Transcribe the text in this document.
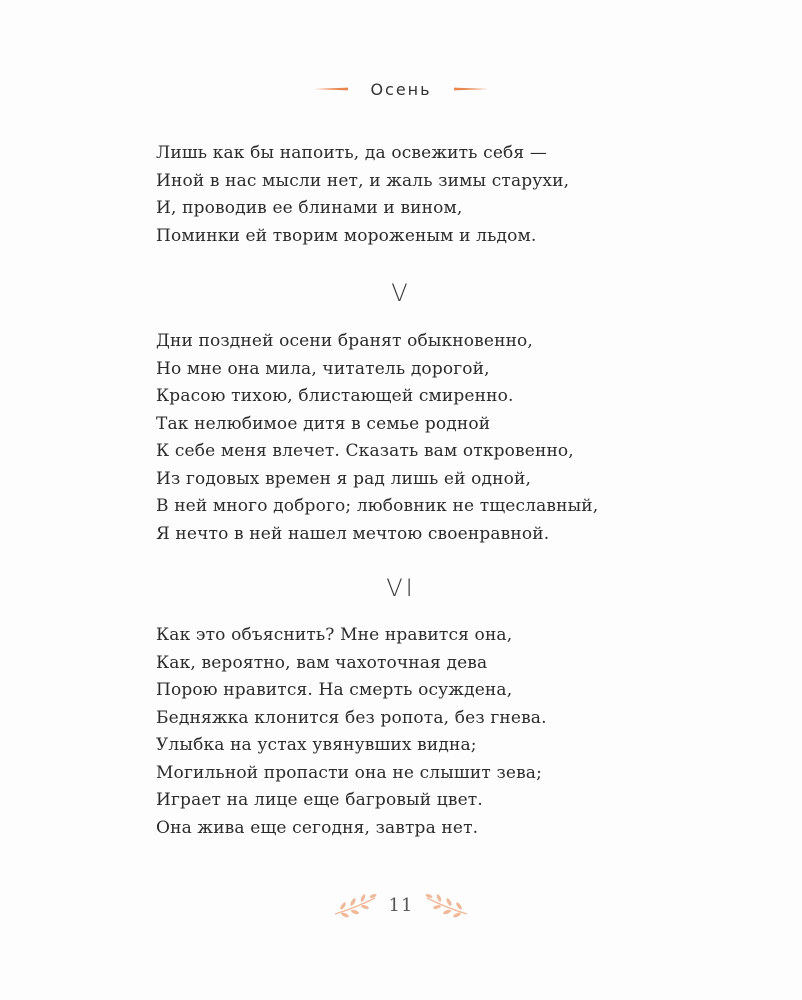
Осень
Лишь как бы напоить, да освежить себя —
Иной в нас мысли нет, и жаль зимы старухи,
И, проводив ее блинами и вином,
Поминки ей творим мороженым и льдом.
V
Дни поздней осени бранят обыкновенно,
Но мне она мила, читатель дорогой,
Красою тихою, блистающей смиренно.
Так нелюбимое дитя в семье родной
К себе меня влечет. Сказать вам откровенно,
Из годовых времен я рад лишь ей одной,
В ней много доброго; любовник не тщеславный,
Я нечто в ней нашел мечтою своенравной.
VI
Как это объяснить? Мне нравится она,
Как, вероятно, вам чахоточная дева
Порою нравится. На смерть осуждена,
Бедняжка клонится без ропота, без гнева.
Улыбка на устах увянувших видна;
Могильной пропасти она не слышит зева;
Играет на лице еще багровый цвет.
Она жива еще сегодня, завтра нет.
11
